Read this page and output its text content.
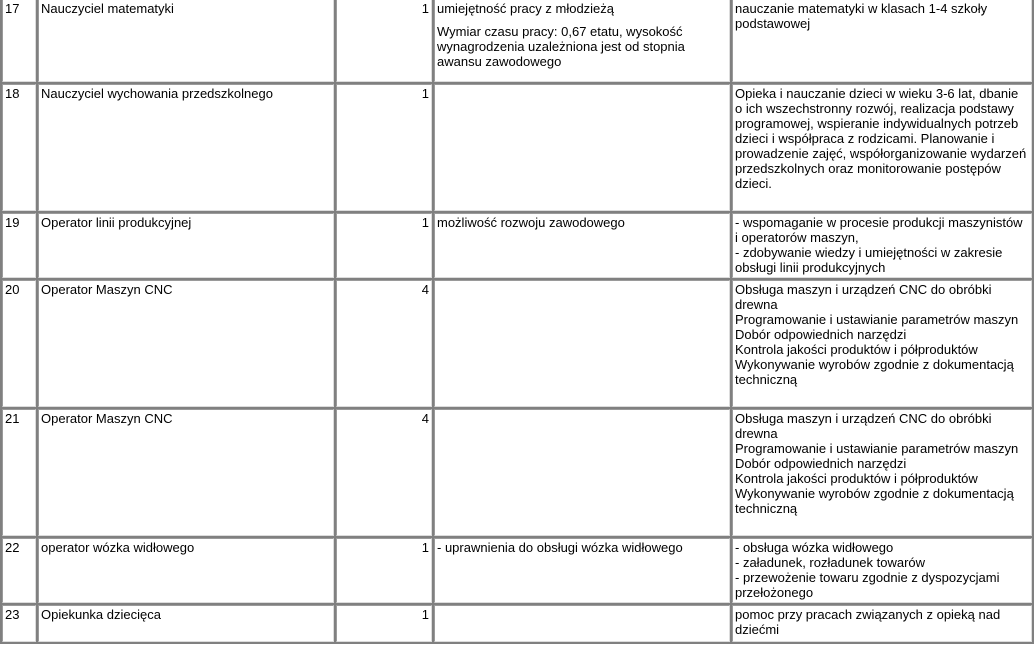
17	Nauczyciel matematyki	1	umiejętność pracy z młodzieżą
Wymiar czasu pracy: 0,67 etatu, wysokość wynagrodzenia uzależniona jest od stopnia awansu zawodowego	nauczanie matematyki w klasach 1-4 szkoły podstawowej
18	Nauczyciel wychowania przedszkolnego	1		Opieka i nauczanie dzieci w wieku 3-6 lat, dbanie o ich wszechstronny rozwój, realizacja podstawy programowej, wspieranie indywidualnych potrzeb dzieci i współpraca z rodzicami. Planowanie i prowadzenie zajęć, współorganizowanie wydarzeń przedszkolnych oraz monitorowanie postępów dzieci.
19	Operator linii produkcyjnej	1	możliwość rozwoju zawodowego	- wspomaganie w procesie produkcji maszynistów i operatorów maszyn,
- zdobywanie wiedzy i umiejętności w zakresie obsługi linii produkcyjnych

20	Operator Maszyn CNC	4		Obsługa maszyn i urządzeń CNC do obróbki drewna
Programowanie i ustawianie parametrów maszyn
Dobór odpowiednich narzędzi
Kontrola jakości produktów i półproduktów
Wykonywanie wyrobów zgodnie z dokumentacją techniczną

21	Operator Maszyn CNC	4		Obsługa maszyn i urządzeń CNC do obróbki drewna
Programowanie i ustawianie parametrów maszyn
Dobór odpowiednich narzędzi
Kontrola jakości produktów i półproduktów
Wykonywanie wyrobów zgodnie z dokumentacją techniczną

22	operator wózka widłowego	1	- uprawnienia do obsługi wózka widłowego	- obsługa wózka widłowego
- załadunek, rozładunek towarów
- przewożenie towaru zgodnie z dyspozycjami przełożonego

23	Opiekunka dziecięca	1		pomoc przy pracach związanych z opieką nad dziećmi
